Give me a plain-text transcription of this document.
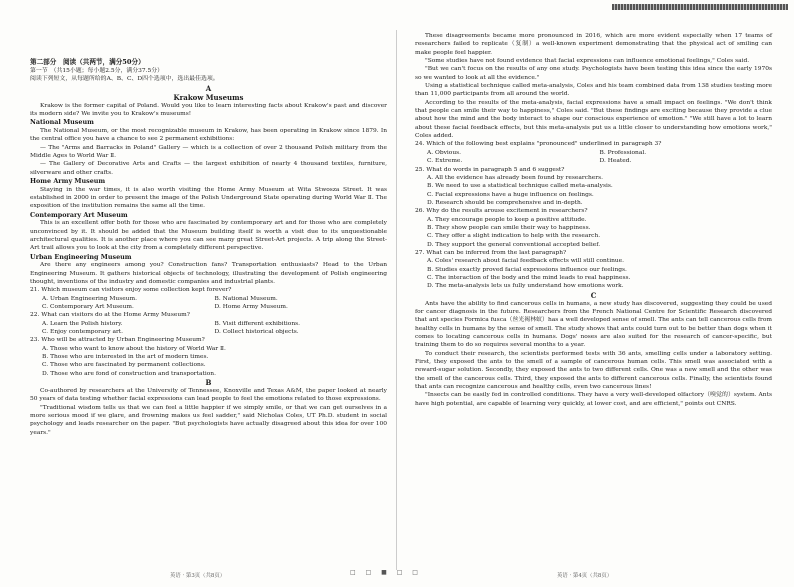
第二部分　阅读（共两节，满分50分）

第一节　（共15小题；每小题2.5分，满分37.5分）

阅读下列短文，从每题所给的A、B、C、D四个选项中，选出最佳选项。

A

Krakow Museums

Krakow is the former capital of Poland. Would you like to learn interesting facts about Krakow's past and discover its modern side? We invite you to Krakow's museums!

National Museum

The National Museum, or the most recognizable museum in Krakow, has been operating in Krakow since 1879. In the central office you have a chance to see 2 permanent exhibitions:

— The "Arms and Barracks in Poland" Gallery — which is a collection of over 2 thousand Polish military from the Middle Ages to World War Ⅱ.

— The Gallery of Decorative Arts and Crafts — the largest exhibition of nearly 4 thousand textiles, furniture, silverware and other crafts.

Home Army Museum

Staying in the war times, it is also worth visiting the Home Army Museum at Wita Stwosza Street. It was established in 2000 in order to present the image of the Polish Underground State operating during World War Ⅱ. The exposition of the institution remains the same all the time.

Contemporary Art Museum

This is an excellent offer both for those who are fascinated by contemporary art and for those who are completely unconvinced by it. It should be added that the Museum building itself is worth a visit due to its unquestionable architectural qualities. It is another place where you can see many great Street-Art projects. A trip along the Street-Art trail allows you to look at the city from a completely different perspective.

Urban Engineering Museum

Are there any engineers among you? Construction fans? Transportation enthusiasts? Head to the Urban Engineering Museum. It gathers historical objects of technology, illustrating the development of Polish engineering thought, inventions of the industry and domestic companies and industrial plants.

21. Which museum can visitors enjoy some collection kept forever?

A. Urban Engineering Museum.	B. National Museum.
C. Contemporary Art Museum.	D. Home Army Museum.

22. What can visitors do at the Home Army Museum?

A. Learn the Polish history.	B. Visit different exhibitions.
C. Enjoy contemporary art.	D. Collect historical objects.

23. Who will be attracted by Urban Engineering Museum?

A. Those who want to know about the history of World War Ⅱ.
B. Those who are interested in the art of modern times.
C. Those who are fascinated by permanent collections.
D. Those who are fond of construction and transportation.

B

Co-authored by researchers at the University of Tennessee, Knoxville and Texas A&M, the paper looked at nearly 50 years of data testing whether facial expressions can lead people to feel the emotions related to those expressions.

"Traditional wisdom tells us that we can feel a little happier if we simply smile, or that we can get ourselves in a more serious mood if we glare, and frowning makes us feel sadder," said Nicholas Coles, UT Ph.D. student in social psychology and leads researcher on the paper. "But psychologists have actually disagreed about this idea for over 100 years."

英语 · 第3页（共8页）	□ □ ■ □ □

These disagreements became more pronounced in 2016, which are more evident especially when 17 teams of researchers failed to replicate（复制）a well-known experiment demonstrating that the physical act of smiling can make people feel happier.

"Some studies have not found evidence that facial expressions can influence emotional feelings," Coles said.

"But we can't focus on the results of any one study. Psychologists have been testing this idea since the early 1970s so we wanted to look at all the evidence."

Using a statistical technique called meta-analysis, Coles and his team combined data from 138 studies testing more than 11,000 participants from all around the world.

According to the results of the meta-analysis, facial expressions have a small impact on feelings. "We don't think that people can smile their way to happiness," Coles said. "But these findings are exciting because they provide a clue about how the mind and the body interact to shape our conscious experience of emotion." "We still have a lot to learn about these facial feedback effects, but this meta-analysis put us a little closer to understanding how emotions work," Coles added.

24. Which of the following best explains "pronounced" underlined in paragraph 3?

A. Obvious.	B. Professional.
C. Extreme.	D. Heated.

25. What do words in paragraph 5 and 6 suggest?

A. All the evidence has already been found by researchers.
B. We need to use a statistical technique called meta-analysis.
C. Facial expressions have a huge influence on feelings.
D. Research should be comprehensive and in-depth.

26. Why do the results arouse excitement in researchers?

A. They encourage people to keep a positive attitude.
B. They show people can smile their way to happiness.
C. They offer a slight indication to help with the research.
D. They support the general conventional accepted belief.

27. What can be inferred from the last paragraph?

A. Coles' research about facial feedback effects will still continue.
B. Studies exactly proved facial expressions influence our feelings.
C. The interaction of the body and the mind leads to real happiness.
D. The meta-analysis lets us fully understand how emotions work.

C

Ants have the ability to find cancerous cells in humans, a new study has discovered, suggesting they could be used for cancer diagnosis in the future. Researchers from the French National Centre for Scientific Research discovered that ant species Formica fusca（丝光褐林蚁）has a well developed sense of smell. The ants can tell cancerous cells from healthy cells in humans by the sense of smell. The study shows that ants could turn out to be better than dogs when it comes to locating cancerous cells in humans. Dogs' noses are also suited for the research of cancer-specific, but training them to do so requires several months to a year.

To conduct their research, the scientists performed tests with 36 ants, smelling cells under a laboratory setting. First, they exposed the ants to the smell of a sample of cancerous human cells. This smell was associated with a reward-sugar solution. Secondly, they exposed the ants to two different cells. One was a new smell and the other was the smell of the cancerous cells. Third, they exposed the ants to different cancerous cells. Finally, the scientists found that ants can recognize cancerous and healthy cells, even two cancerous lines!

"Insects can be easily fed in controlled conditions. They have a very well-developed olfactory（嗅觉的）system. Ants have high potential, are capable of learning very quickly, at lower cost, and are efficient," points out CNRS.

英语 · 第4页（共8页）
